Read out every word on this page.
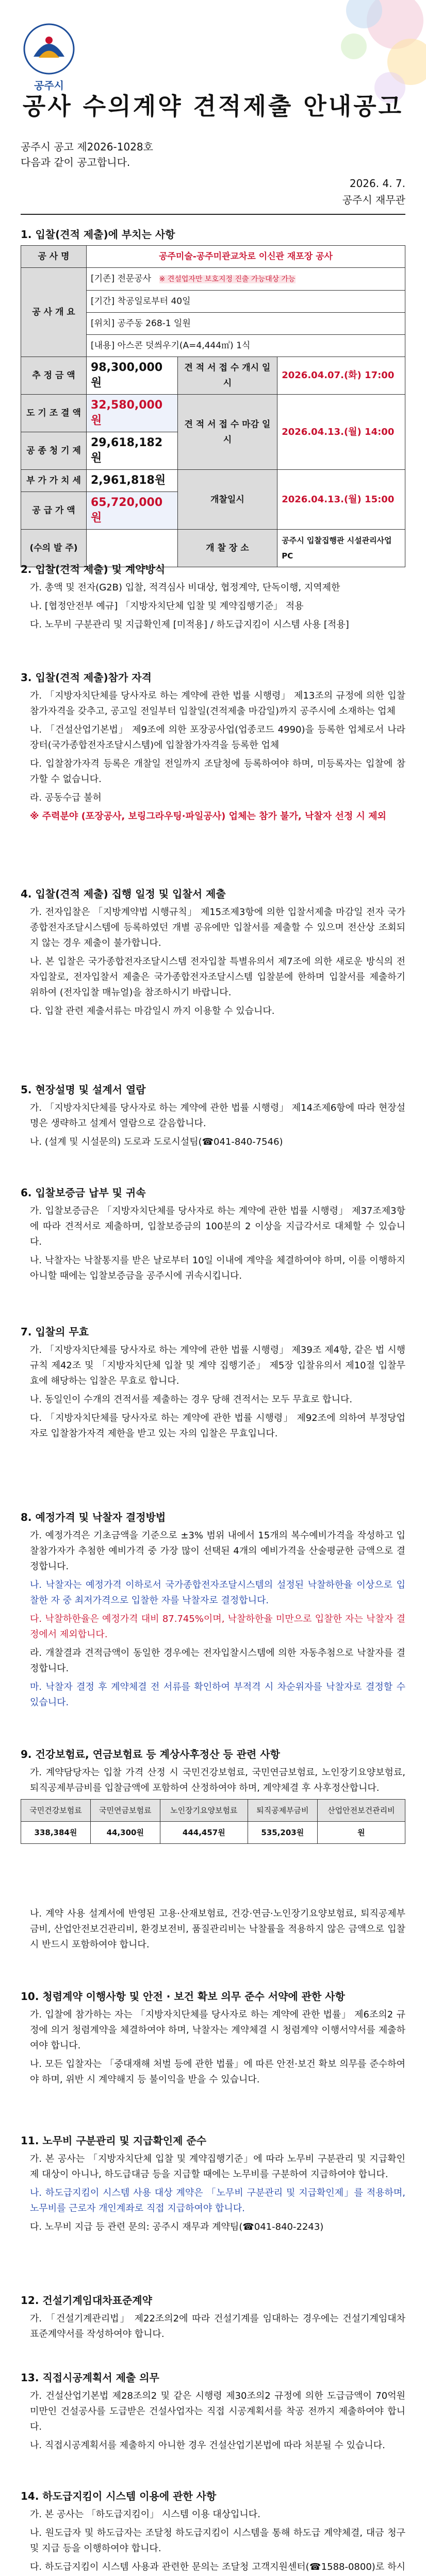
공주시
공사 수의계약 견적제출 안내공고
공주시 공고 제2026-1028호
다음과 같이 공고합니다.
2026. 4. 7.
공주시 재무관
1. 입찰(견적 제출)에 부치는 사항
공 사 명	공주미술-공주미관교차로 이신관 재포장 공사		
공 사 개 요	[기존] 전문공사 ※ 견설업자만 보호지정 진출 가능대상 가능		
	[기간] 착공일로부터 40일		
	[위치] 공주동 268-1 일원		
	[내용] 아스콘 덧씌우기(A=4,444㎡) 1식		
추 정 금 액	98,300,000원	견 적 서 접 수 개시 일시	2026.04.07.(화) 17:00
도 기 조 결 액	32,580,000원	견 적 서 접 수 마감 일시	2026.04.13.(월) 14:00
공 종 청 기 제	29,618,182원		
부 가 가 치 세	2,961,818원	개찰일시	2026.04.13.(월) 15:00
공 급 가 액	65,720,000원		
(수의 발 주)		개 찰 장 소	공주시 입찰집행관 시설관리사업PC
2. 입찰(견적 제출) 및 계약방식

가. 총액 및 전자(G2B) 입찰, 적격심사 비대상, 협정계약, 단독이행, 지역제한

나. [협정안전부 예규] 「지방자치단체 입찰 및 계약집행기준」 적용

다. 노무비 구분관리 및 지급확인제 [미적용] / 하도급지킴이 시스템 사용 [적용]

3. 입찰(견적 제출)참가 자격

가. 「지방자치단체를 당사자로 하는 계약에 관한 법률 시행령」 제13조의 규정에 의한 입찰참가자격을 갖추고, 공고일 전일부터 입찰일(견적제출 마감일)까지 공주시에 소재하는 업체

나. 「건설산업기본법」 제9조에 의한 포장공사업(업종코드 4990)을 등록한 업체로서 나라장터(국가종합전자조달시스템)에 입찰참가자격을 등록한 업체

다. 입찰참가자격 등록은 개찰일 전일까지 조달청에 등록하여야 하며, 미등록자는 입찰에 참가할 수 없습니다.

라. 공동수급 불허

※ 주력분야 (포장공사, 보링그라우팅·파일공사) 업체는 참가 불가, 낙찰자 선정 시 제외

4. 입찰(견적 제출) 집행 일정 및 입찰서 제출

가. 전자입찰은 「지방계약법 시행규칙」 제15조제3항에 의한 입찰서제출 마감일 전자 국가종합전자조달시스템에 등록하였던 개별 공유에만 입찰서를 제출할 수 있으며 전산상 조회되지 않는 경우 제출이 불가합니다.

나. 본 입찰은 국가종합전자조달시스템 전자입찰 특별유의서 제7조에 의한 새로운 방식의 전자입찰로, 전자입찰서 제출은 국가종합전자조달시스템 입찰분에 한하며 입찰서를 제출하기 위하여 (전자입찰 매뉴얼)을 참조하시기 바랍니다.

다. 입찰 관련 제출서류는 마감일시 까지 이용할 수 있습니다.

5. 현장설명 및 설계서 열람

가. 「지방자치단체를 당사자로 하는 계약에 관한 법률 시행령」 제14조제6항에 따라 현장설명은 생략하고 설계서 열람으로 갈음합니다.

나. (설계 및 시설문의) 도로과 도로시설팀(☎041-840-7546)

6. 입찰보증금 납부 및 귀속

가. 입찰보증금은 「지방자치단체를 당사자로 하는 계약에 관한 법률 시행령」 제37조제3항에 따라 견적서로 제출하며, 입찰보증금의 100분의 2 이상을 지급각서로 대체할 수 있습니다.

나. 낙찰자는 낙찰통지를 받은 날로부터 10일 이내에 계약을 체결하여야 하며, 이를 이행하지 아니할 때에는 입찰보증금을 공주시에 귀속시킵니다.

7. 입찰의 무효

가. 「지방자치단체를 당사자로 하는 계약에 관한 법률 시행령」 제39조 제4항, 같은 법 시행규칙 제42조 및 「지방자치단체 입찰 및 계약 집행기준」 제5장 입찰유의서 제10절 입찰무효에 해당하는 입찰은 무효로 합니다.

나. 동일인이 수개의 견적서를 제출하는 경우 당해 견적서는 모두 무효로 합니다.

다. 「지방자치단체를 당사자로 하는 계약에 관한 법률 시행령」 제92조에 의하여 부정당업자로 입찰참가자격 제한을 받고 있는 자의 입찰은 무효입니다.

8. 예정가격 및 낙찰자 결정방법

가. 예정가격은 기초금액을 기준으로 ±3% 범위 내에서 15개의 복수예비가격을 작성하고 입찰참가자가 추첨한 예비가격 중 가장 많이 선택된 4개의 예비가격을 산술평균한 금액으로 결정합니다.

나. 낙찰자는 예정가격 이하로서 국가종합전자조달시스템의 설정된 낙찰하한율 이상으로 입찰한 자 중 최저가격으로 입찰한 자를 낙찰자로 결정합니다.

다. 낙찰하한율은 예정가격 대비 87.745%이며, 낙찰하한율 미만으로 입찰한 자는 낙찰자 결정에서 제외합니다.

라. 개찰결과 견적금액이 동일한 경우에는 전자입찰시스템에 의한 자동추첨으로 낙찰자를 결정합니다.

마. 낙찰자 결정 후 계약체결 전 서류를 확인하여 부적격 시 차순위자를 낙찰자로 결정할 수 있습니다.

9. 건강보험료, 연금보험료 등 계상사후정산 등 관련 사항

가. 계약담당자는 입찰 가격 산정 시 국민건강보험료, 국민연금보험료, 노인장기요양보험료, 퇴직공제부금비를 입찰금액에 포함하여 산정하여야 하며, 계약체결 후 사후정산합니다.

국민건강보험료	국민연금보험료	노인장기요양보험료	퇴직공제부금비	산업안전보건관리비
338,384원	44,300원	444,457원	535,203원	원

나. 계약 사용 설계서에 반영된 고용·산재보험료, 건강·연금·노인장기요양보험료, 퇴직공제부금비, 산업안전보건관리비, 환경보전비, 품질관리비는 낙찰률을 적용하지 않은 금액으로 입찰 시 반드시 포함하여야 합니다.

10. 청렴계약 이행사항 및 안전 · 보건 확보 의무 준수 서약에 관한 사항

가. 입찰에 참가하는 자는 「지방자치단체를 당사자로 하는 계약에 관한 법률」 제6조의2 규정에 의거 청렴계약을 체결하여야 하며, 낙찰자는 계약체결 시 청렴계약 이행서약서를 제출하여야 합니다.

나. 모든 입찰자는 「중대재해 처벌 등에 관한 법률」에 따른 안전·보건 확보 의무를 준수하여야 하며, 위반 시 계약해지 등 불이익을 받을 수 있습니다.

11. 노무비 구분관리 및 지급확인제 준수

가. 본 공사는 「지방자치단체 입찰 및 계약집행기준」에 따라 노무비 구분관리 및 지급확인제 대상이 아니나, 하도급대금 등을 지급할 때에는 노무비를 구분하여 지급하여야 합니다.

나. 하도급지킴이 시스템 사용 대상 계약은 「노무비 구분관리 및 지급확인제」를 적용하며, 노무비를 근로자 개인계좌로 직접 지급하여야 합니다.

다. 노무비 지급 등 관련 문의: 공주시 재무과 계약팀(☎041-840-2243)

12. 건설기계임대차표준계약

가. 「건설기계관리법」 제22조의2에 따라 건설기계를 임대하는 경우에는 건설기계임대차 표준계약서를 작성하여야 합니다.

13. 직접시공계획서 제출 의무

가. 건설산업기본법 제28조의2 및 같은 시행령 제30조의2 규정에 의한 도급금액이 70억원 미만인 건설공사를 도급받은 건설사업자는 직접 시공계획서를 착공 전까지 제출하여야 합니다.

나. 직접시공계획서를 제출하지 아니한 경우 건설산업기본법에 따라 처분될 수 있습니다.

14. 하도급지킴이 시스템 이용에 관한 사항

가. 본 공사는 「하도급지킴이」 시스템 이용 대상입니다.

나. 원도급자 및 하도급자는 조달청 하도급지킴이 시스템을 통해 하도급 계약체결, 대금 청구 및 지급 등을 이행하여야 합니다.

다. 하도급지킴이 시스템 사용과 관련한 문의는 조달청 고객지원센터(☎1588-0800)로 하시
